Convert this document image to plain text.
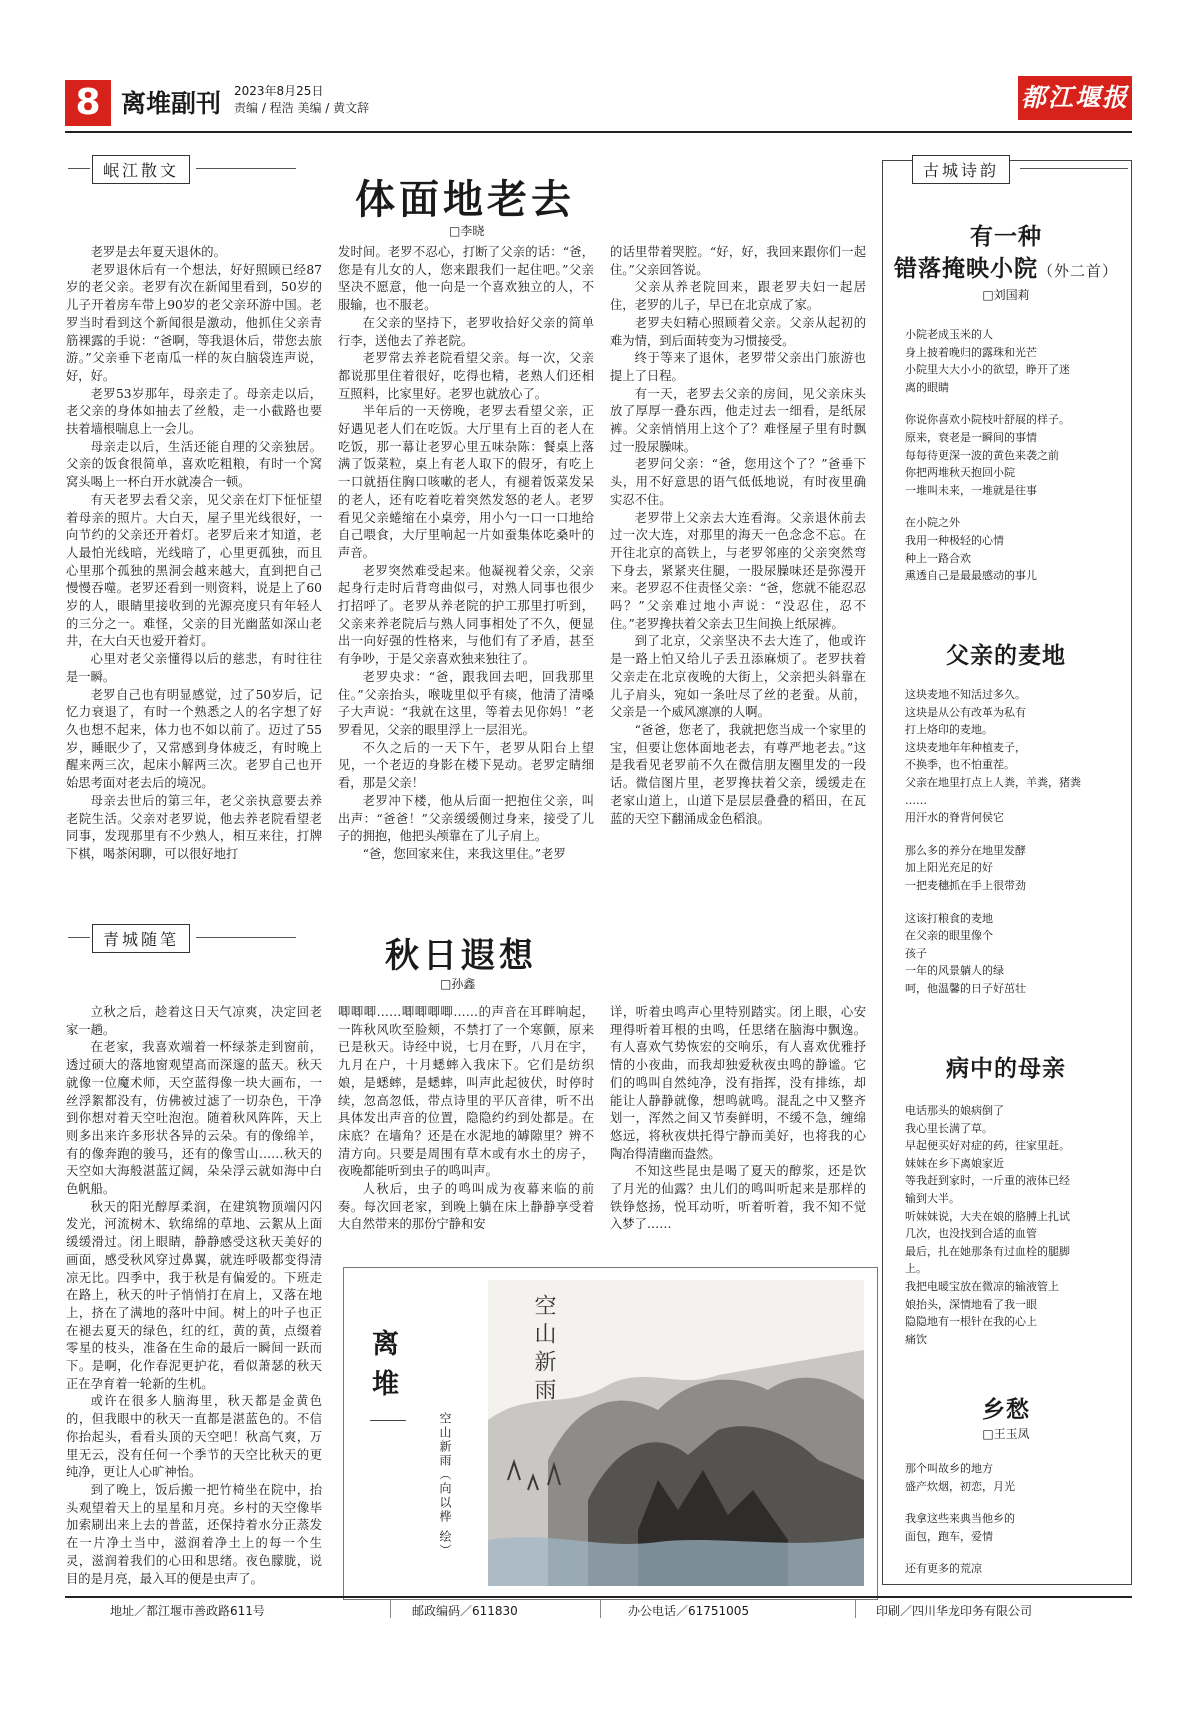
8 离堆副刊 2023年8月25日
责编 / 程浩 美编 / 黄文辞	都江堰报
岷江散文
体面地老去
□李晓

老罗是去年夏天退休的。

老罗退休后有一个想法，好好照顾已经87岁的老父亲。老罗有次在新闻里看到，50岁的儿子开着房车带上90岁的老父亲环游中国。老罗当时看到这个新闻很是激动，他抓住父亲青筋裸露的手说：“爸啊，等我退休后，带您去旅游。”父亲垂下老南瓜一样的灰白脑袋连声说，好，好。

老罗53岁那年，母亲走了。母亲走以后，老父亲的身体如抽去了丝般，走一小截路也要扶着墙根喘息上一会儿。

母亲走以后，生活还能自理的父亲独居。父亲的饭食很简单，喜欢吃粗粮，有时一个窝窝头喝上一杯白开水就凑合一顿。

有天老罗去看父亲，见父亲在灯下怔怔望着母亲的照片。大白天，屋子里光线很好，一向节约的父亲还开着灯。老罗后来才知道，老人最怕光线暗，光线暗了，心里更孤独，而且心里那个孤独的黑洞会越来越大，直到把自己慢慢吞噬。老罗还看到一则资料，说是上了60岁的人，眼睛里接收到的光源亮度只有年轻人的三分之一。难怪，父亲的目光幽蓝如深山老井，在大白天也爱开着灯。

心里对老父亲懂得以后的慈悲，有时往往是一瞬。

老罗自己也有明显感觉，过了50岁后，记忆力衰退了，有时一个熟悉之人的名字想了好久也想不起来，体力也不如以前了。迈过了55岁，睡眠少了，又常感到身体疲乏，有时晚上醒来两三次，起床小解两三次。老罗自己也开始思考面对老去后的境况。

母亲去世后的第三年，老父亲执意要去养老院生活。父亲对老罗说，他去养老院看望老同事，发现那里有不少熟人，相互来往，打牌下棋，喝茶闲聊，可以很好地打

发时间。老罗不忍心，打断了父亲的话：“爸，您是有儿女的人，您来跟我们一起住吧。”父亲坚决不愿意，他一向是一个喜欢独立的人，不服输，也不服老。

在父亲的坚持下，老罗收拾好父亲的简单行李，送他去了养老院。

老罗常去养老院看望父亲。每一次，父亲都说那里住着很好，吃得也精，老熟人们还相互照料，比家里好。老罗也就放心了。

半年后的一天傍晚，老罗去看望父亲，正好遇见老人们在吃饭。大厅里有上百的老人在吃饭，那一幕让老罗心里五味杂陈：餐桌上落满了饭菜粒，桌上有老人取下的假牙，有吃上一口就捂住胸口咳嗽的老人，有褪着饭菜发呆的老人，还有吃着吃着突然发怒的老人。老罗看见父亲蜷缩在小桌旁，用小勺一口一口地给自己喂食，大厅里响起一片如蚕集体吃桑叶的声音。

老罗突然难受起来。他凝视着父亲，父亲起身行走时后背弯曲似弓，对熟人同事也很少打招呼了。老罗从养老院的护工那里打听到，父亲来养老院后与熟人同事相处了不久，便显出一向好强的性格来，与他们有了矛盾，甚至有争吵，于是父亲喜欢独来独往了。

老罗央求：“爸，跟我回去吧，回我那里住。”父亲抬头，喉咙里似乎有痰，他清了清嗓子大声说：“我就在这里，等着去见你妈！”老罗看见，父亲的眼里浮上一层泪光。

不久之后的一天下午，老罗从阳台上望见，一个老迈的身影在楼下晃动。老罗定睛细看，那是父亲！

老罗冲下楼，他从后面一把抱住父亲，叫出声：“爸爸！”父亲缓缓侧过身来，接受了儿子的拥抱，他把头颅靠在了儿子肩上。

“爸，您回家来住，来我这里住。”老罗

的话里带着哭腔。“好，好，我回来跟你们一起住。”父亲回答说。

父亲从养老院回来，跟老罗夫妇一起居住，老罗的儿子，早已在北京成了家。

老罗夫妇精心照顾着父亲。父亲从起初的难为情，到后面转变为习惯接受。

终于等来了退休，老罗带父亲出门旅游也提上了日程。

有一天，老罗去父亲的房间，见父亲床头放了厚厚一叠东西，他走过去一细看，是纸尿裤。父亲悄悄用上这个了？难怪屋子里有时飘过一股尿臊味。

老罗问父亲：“爸，您用这个了？”爸垂下头，用不好意思的语气低低地说，有时夜里确实忍不住。

老罗带上父亲去大连看海。父亲退休前去过一次大连，对那里的海天一色念念不忘。在开往北京的高铁上，与老罗邻座的父亲突然弯下身去，紧紧夹住腿，一股尿臊味还是弥漫开来。老罗忍不住责怪父亲：“爸，您就不能忍忍吗？”父亲难过地小声说：“没忍住，忍不住。”老罗搀扶着父亲去卫生间换上纸尿裤。

到了北京，父亲坚决不去大连了，他或许是一路上怕又给儿子丢丑添麻烦了。老罗扶着父亲走在北京夜晚的大街上，父亲把头斜靠在儿子肩头，宛如一条吐尽了丝的老蚕。从前，父亲是一个威风凛凛的人啊。

“爸爸，您老了，我就把您当成一个家里的宝，但要让您体面地老去，有尊严地老去。”这是我看见老罗前不久在微信朋友圈里发的一段话。微信图片里，老罗搀扶着父亲，缓缓走在老家山道上，山道下是层层叠叠的稻田，在瓦蓝的天空下翻涌成金色稻浪。

青城随笔	秋日遐想
□孙鑫

立秋之后，趁着这日天气凉爽，决定回老家一趟。

在老家，我喜欢端着一杯绿茶走到窗前，透过硕大的落地窗观望高而深邃的蓝天。秋天就像一位魔术师，天空蓝得像一块大画布，一丝浮絮都没有，仿佛被过滤了一切杂色，干净到你想对着天空吐泡泡。随着秋风阵阵，天上则多出来许多形状各异的云朵。有的像绵羊，有的像奔跑的骏马，还有的像雪山……秋天的天空如大海般湛蓝辽阔，朵朵浮云就如海中白色帆船。

秋天的阳光醇厚柔润，在建筑物顶端闪闪发光，河流树木、软绵绵的草地、云絮从上面缓缓滑过。闭上眼睛，静静感受这秋天美好的画面，感受秋风穿过鼻翼，就连呼吸都变得清凉无比。四季中，我于秋是有偏爱的。下班走在路上，秋天的叶子悄悄打在肩上，又落在地上，挤在了满地的落叶中间。树上的叶子也正在褪去夏天的绿色，红的红，黄的黄，点缀着零星的枝头，准备在生命的最后一瞬间一跃而下。是啊，化作春泥更护花，看似萧瑟的秋天正在孕育着一轮新的生机。

或许在很多人脑海里，秋天都是金黄色的，但我眼中的秋天一直都是湛蓝色的。不信你抬起头，看看头顶的天空吧！秋高气爽，万里无云，没有任何一个季节的天空比秋天的更纯净，更让人心旷神怡。

到了晚上，饭后搬一把竹椅坐在院中，抬头观望着天上的星星和月亮。乡村的天空像毕加索刷出来上去的普蓝，还保持着水分正蒸发在一片净土当中，滋润着净土上的每一个生灵，滋润着我们的心田和思绪。夜色朦胧，说目的是月亮，最入耳的便是虫声了。

唧唧唧……唧唧唧唧……的声音在耳畔响起，一阵秋风吹至脸颊，不禁打了一个寒颤，原来已是秋天。诗经中说，七月在野，八月在宇，九月在户，十月蟋蟀入我床下。它们是纺织娘，是蟋蟀，是蟋蟀，叫声此起彼伏，时停时续，忽高忽低，带点诗里的平仄音律，听不出具体发出声音的位置，隐隐约约到处都是。在床底？在墙角？还是在水泥地的罅隙里？辨不清方向。只要是周围有草木或有水土的房子，夜晚都能听到虫子的鸣叫声。

人秋后，虫子的鸣叫成为夜幕来临的前奏。每次回老家，到晚上躺在床上静静享受着大自然带来的那份宁静和安

详，听着虫鸣声心里特别踏实。闭上眼，心安理得听着耳根的虫鸣，任思绪在脑海中飘逸。有人喜欢气势恢宏的交响乐，有人喜欢优雅抒情的小夜曲，而我却独爱秋夜虫鸣的静谧。它们的鸣叫自然纯净，没有指挥，没有排练，却能让人静静就像，想鸣就鸣。混乱之中又整齐划一，浑然之间又节奏鲜明，不缓不急，缠绵悠远，将秋夜烘托得宁静而美好，也将我的心陶冶得清幽而盎然。

不知这些昆虫是喝了夏天的醇浆，还是饮了月光的仙露？虫儿们的鸣叫听起来是那样的铁铮悠扬，悦耳动听，听着听着，我不知不觉入梦了……

离堆
空山新雨（向以桦 绘）
空山新雨
古城诗韵
有一种
错落掩映小院（外二首）
□刘国莉
小院老成玉米的人
身上披着晚归的露珠和光芒
小院里大大小小的欲望，睁开了迷
离的眼睛
你说你喜欢小院枝叶舒展的样子。
原来，衰老是一瞬间的事情
每每待更深一波的黄色来袭之前
你把两堆秋天抱回小院
一堆叫未来，一堆就是往事
在小院之外
我用一种极轻的心情
种上一路合欢
熏透自己是最最感动的事儿
父亲的麦地
这块麦地不知活过多久。
这块是从公有改革为私有
打上烙印的麦地。
这块麦地年年种植麦子，
不换季，也不怕重茬。
父亲在地里打点上人粪，羊粪，猪粪
……
用汗水的脊背何侯它
那么多的养分在地里发酵
加上阳光充足的好
一把麦穗抓在手上很带劲
这该打粮食的麦地
在父亲的眼里像个
孩子
一年的风景躺人的绿
呵，他温馨的日子好茁壮
病中的母亲
电话那头的娘病倒了
我心里长满了草。
早起便买好对症的药，往家里赶。
妹妹在乡下离娘家近
等我赶到家时，一斤重的液体已经
输到大半。
听妹妹说，大夫在娘的胳膊上扎试
几次，也没找到合适的血管
最后，扎在她那条有过血栓的腿脚
上。
我把电暖宝放在微凉的输液管上
娘抬头，深情地看了我一眼
隐隐地有一根针在我的心上
痛饮
乡愁
□王玉凤
那个叫故乡的地方
盛产炊烟，初恋，月光
我拿这些来典当他乡的
面包，跑车，爱情
还有更多的荒凉
地址／都江堰市善政路611号	邮政编码／611830	办公电话／61751005	印刷／四川华龙印务有限公司
